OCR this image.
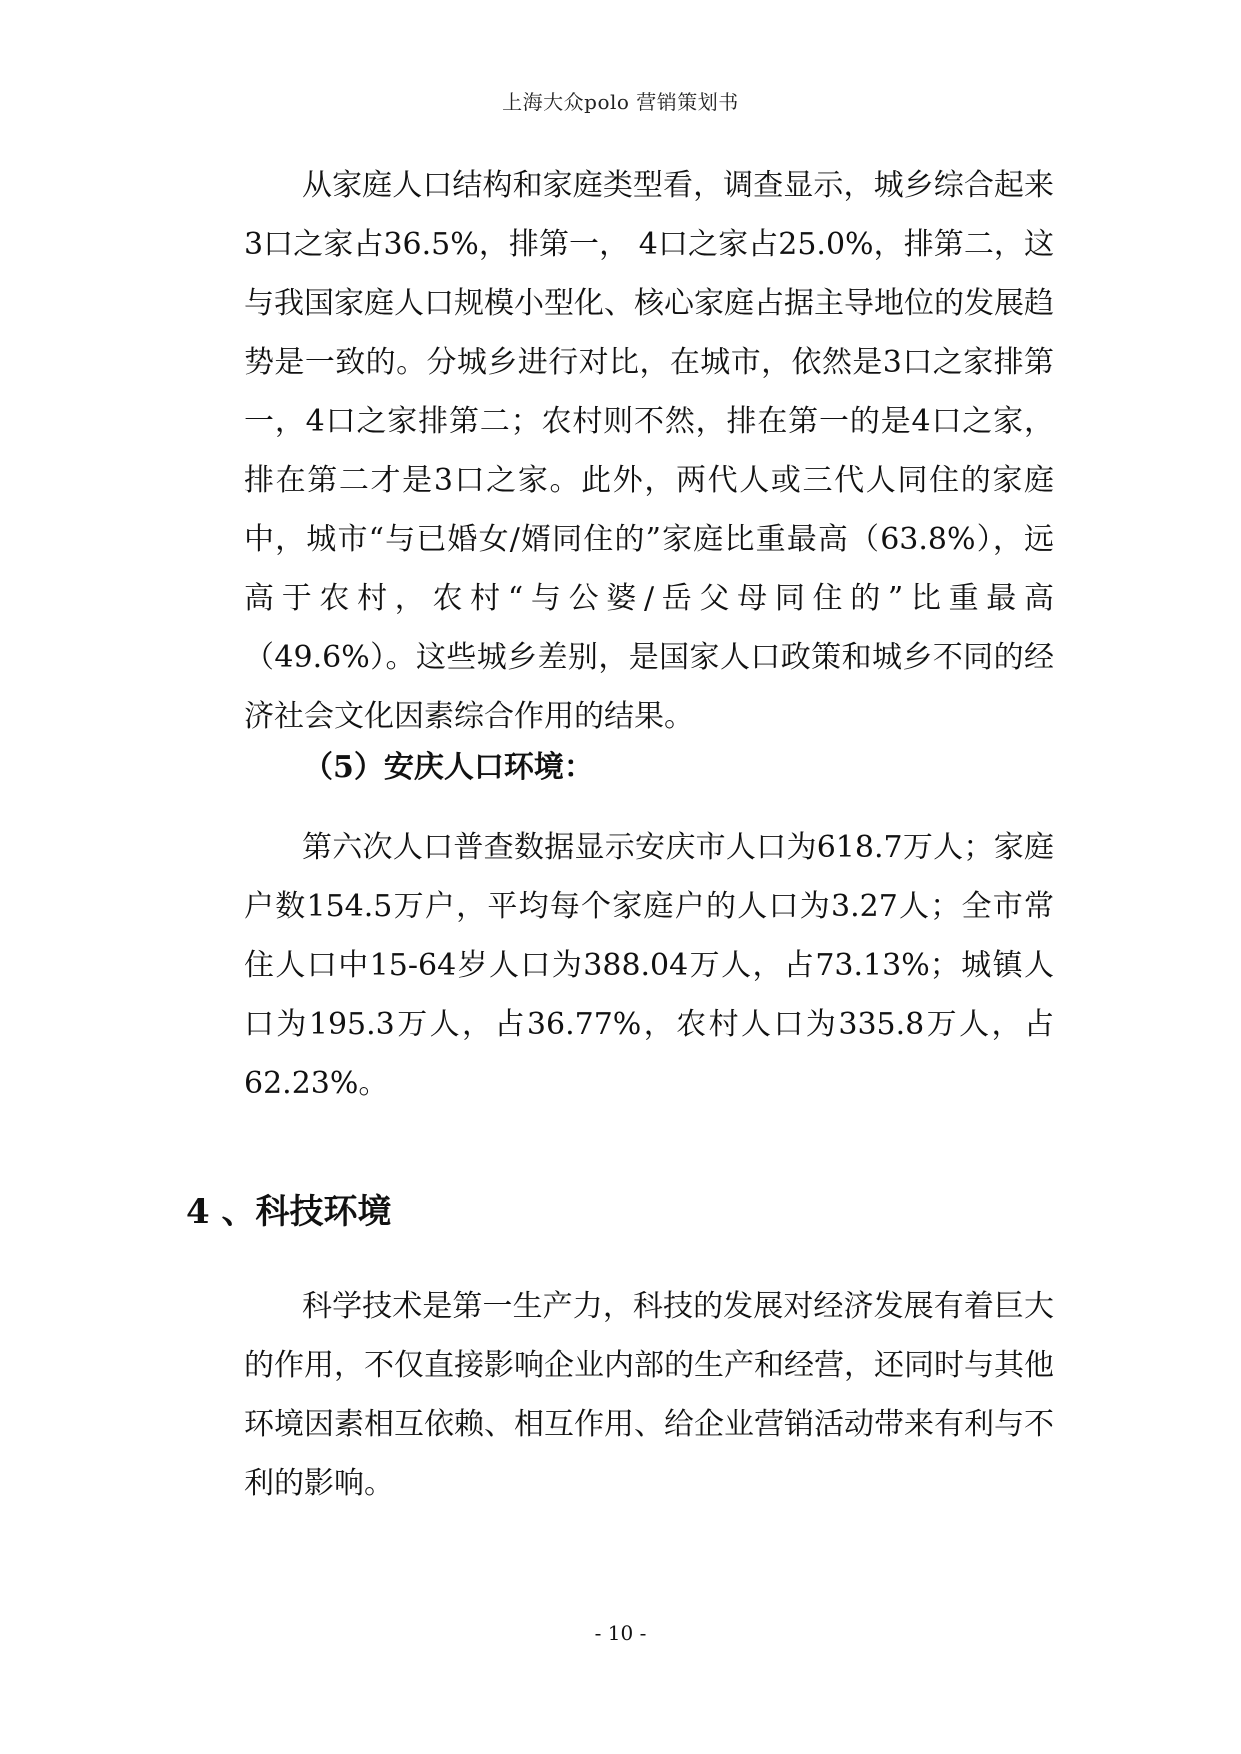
上海大众polo 营销策划书

从家庭人口结构和家庭类型看，调查显示，城乡综合起来3口之家占36.5%，排第一， 4口之家占25.0%，排第二，这与我国家庭人口规模小型化、核心家庭占据主导地位的发展趋势是一致的。分城乡进行对比，在城市，依然是3口之家排第一，4口之家排第二；农村则不然，排在第一的是4口之家，排在第二才是3口之家。此外，两代人或三代人同住的家庭中，城市“与已婚女/婿同住的”家庭比重最高（63.8%），远高于农村，农村“与公婆/岳父母同住的”比重最高（49.6%）。这些城乡差别，是国家人口政策和城乡不同的经济社会文化因素综合作用的结果。

（5）安庆人口环境：

第六次人口普查数据显示安庆市人口为618.7万人；家庭户数154.5万户，平均每个家庭户的人口为3.27人；全市常住人口中15-64岁人口为388.04万人，占73.13%；城镇人口为195.3万人，占36.77%，农村人口为335.8万人，占62.23%。

4 、科技环境

科学技术是第一生产力，科技的发展对经济发展有着巨大的作用，不仅直接影响企业内部的生产和经营，还同时与其他环境因素相互依赖、相互作用、给企业营销活动带来有利与不利的影响。

- 10 -
